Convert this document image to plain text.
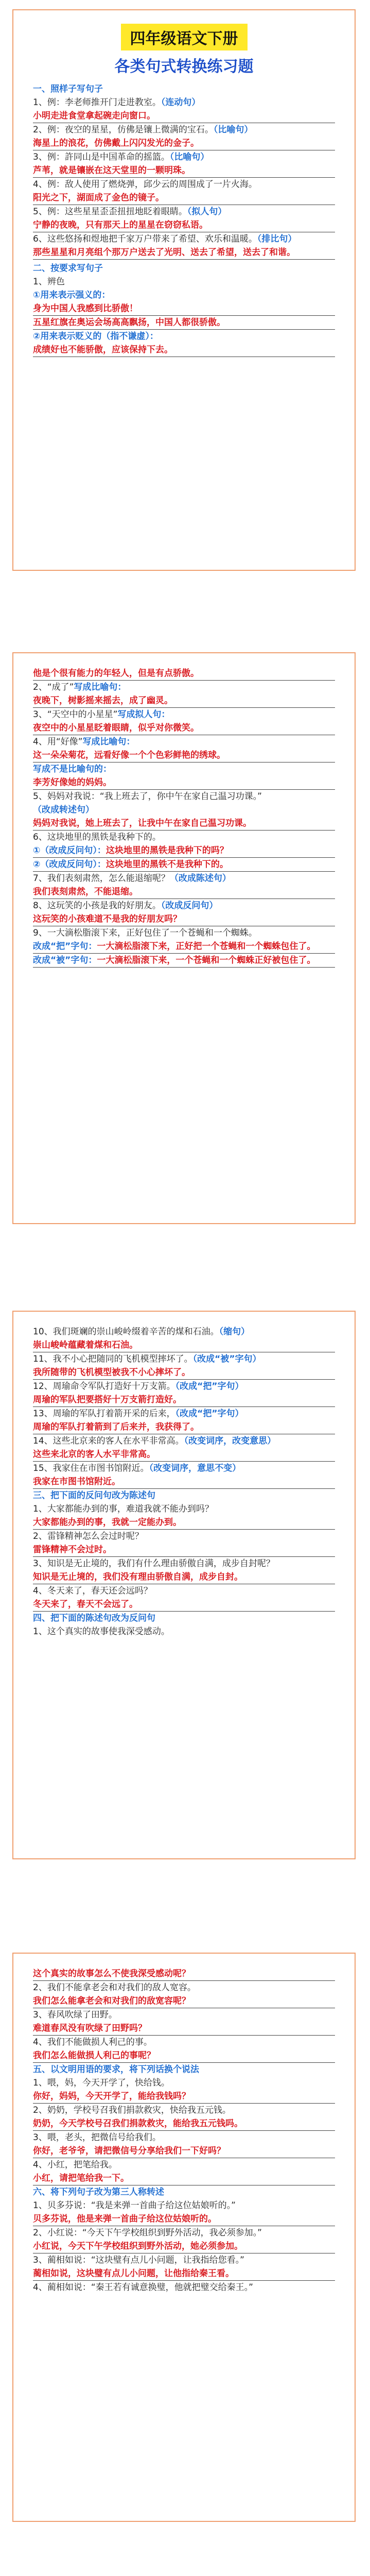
四年级语文下册

各类句式转换练习题

一、照样子写句子

1、例：李老师推开门走进教室。（连动句）

小明走进食堂拿起碗走向窗口。

2、例：夜空的星星，仿佛是镶上微满的宝石。（比喻句）

海星上的浪花，仿佛戴上闪闪发光的金子。

3、例：許同山是中国革命的摇篮。（比喻句）

芦苇，就是镶嵌在这天堂里的一颗明珠。

4、例：敌人使用了燃烧弹，邱少云的周围成了一片火海。

阳光之下，湖面成了金色的镜子。

5、例：这些星星歪歪扭扭地眨着眼睛。（拟人句）

宁静的夜晚，只有那天上的星星在窃窃私语。

6、这些悠扬和煜地把千家万户带来了希望、欢乐和温暖。（排比句）

那些星星和月亮组个那万户送去了光明、送去了希望，送去了和谐。

二、按要求写句子

1、辨色

①用来表示强义的：

身为中国人我感到比骄傲！

五星红旗在奥运会场高高飘扬，中国人都很骄傲。

②用来表示贬义的（指不谦虚）：

成绩好也不能骄傲，应该保持下去。

他是个很有能力的年轻人，但是有点骄傲。

2、“成了”写成比喻句：

夜晚下，树影摇来摇去，成了幽灵。

3、“天空中的小星星”写成拟人句：

夜空中的小星星眨着眼睛，似乎对你微笑。

4、用“好像”写成比喻句：

这一朵朵菊花，远看好像一个个色彩鲜艳的绣球。

写成不是比喻句的：

李芳好像她的妈妈。

5、妈妈对我说：“我上班去了，你中午在家自己温习功课。”

（改成转述句）

妈妈对我说，她上班去了，让我中午在家自己温习功课。

6、这块地里的黑铁是我种下的。

①（改成反问句）：这块地里的黑铁是我种下的吗？

②（改成反问句）：这块地里的黑铁不是我种下的。

7、我们表刻肃然，怎么能退缩呢？（改成陈述句）

我们表刻肃然，不能退缩。

8、这玩笑的小孩是我的好朋友。（改成反问句）

这玩笑的小孩难道不是我的好朋友吗？

9、一大滴松脂滚下来，正好包住了一个苍蝇和一个蜘蛛。

改成“把”字句：一大滴松脂滚下来，正好把一个苍蝇和一个蜘蛛包住了。

改成“被”字句：一大滴松脂滚下来，一个苍蝇和一个蜘蛛正好被包住了。

10、我们斑斓的崇山峻岭缀着辛苦的煤和石油。（缩句）

崇山峻岭蕴藏着煤和石油。

11、我不小心把随同的飞机模型摔坏了。（改成“被”字句）

我所随带的飞机模型被我不小心摔坏了。

12、周瑜命令军队打造好十万支箭。（改成“把”字句）

周瑜的军队把要搭好十万支箭打造好。

13、周瑜的军队打着箭开采的后来，（改成“把”字句）

周瑜的军队打着箭到了后来并，我获得了。

14、这些北京来的客人在水平非常高。（改变词序，改变意思）

这些来北京的客人水平非常高。

15、我家住在市图书馆附近。（改变词序，意思不变）

我家在市图书馆附近。

三、把下面的反问句改为陈述句

1、大家都能办到的事，难道我就不能办到吗？

大家都能办到的事，我就一定能办到。

2、雷锋精神怎么会过时呢？

雷锋精神不会过时。

3、知识是无止境的，我们有什么理由骄傲自满，成步自封呢？

知识是无止境的，我们没有理由骄傲自满，成步自封。

4、冬天来了，春天还会远吗？

冬天来了，春天不会远了。

四、把下面的陈述句改为反问句

1、这个真实的故事使我深受感动。

这个真实的故事怎么不使我深受感动呢？

2、我们不能拿老会和对我们的敌人宽容。

我们怎么能拿老会和对我们的敌宽容呢？

3、春风吹绿了田野。

难道春风没有吹绿了田野吗？

4、我们不能做损人利己的事。

我们怎么能做损人利己的事呢？

五、以文明用语的要求，将下列话换个说法

1、喂，妈，今天开学了，快给钱。

你好，妈妈，今天开学了，能给我钱吗？

2、奶奶，学校号召我们捐款救灾，快给我五元钱。

奶奶，今天学校号召我们捐款救灾，能给我五元钱吗。

3、喂，老头，把微信号给我们。

你好，老爷爷，请把微信号分享给我们一下好吗？

4、小红，把笔给我。

小红，请把笔给我一下。

六、将下列句子改为第三人称转述

1、贝多芬说：“我是来弹一首曲子给这位姑娘听的。”

贝多芬说，他是来弹一首曲子给这位姑娘听的。

2、小红说：“今天下午学校组织到野外活动，我必须参加。”

小红说，今天下午学校组织到野外活动，她必须参加。

3、蔺相如说：“这块璧有点儿小问题，让我指给您看。”

蔺相如说，这块璧有点儿小问题，让他指给秦王看。

4、蔺相如说：“秦王若有诚意换璧，他就把璧交给秦王。”
